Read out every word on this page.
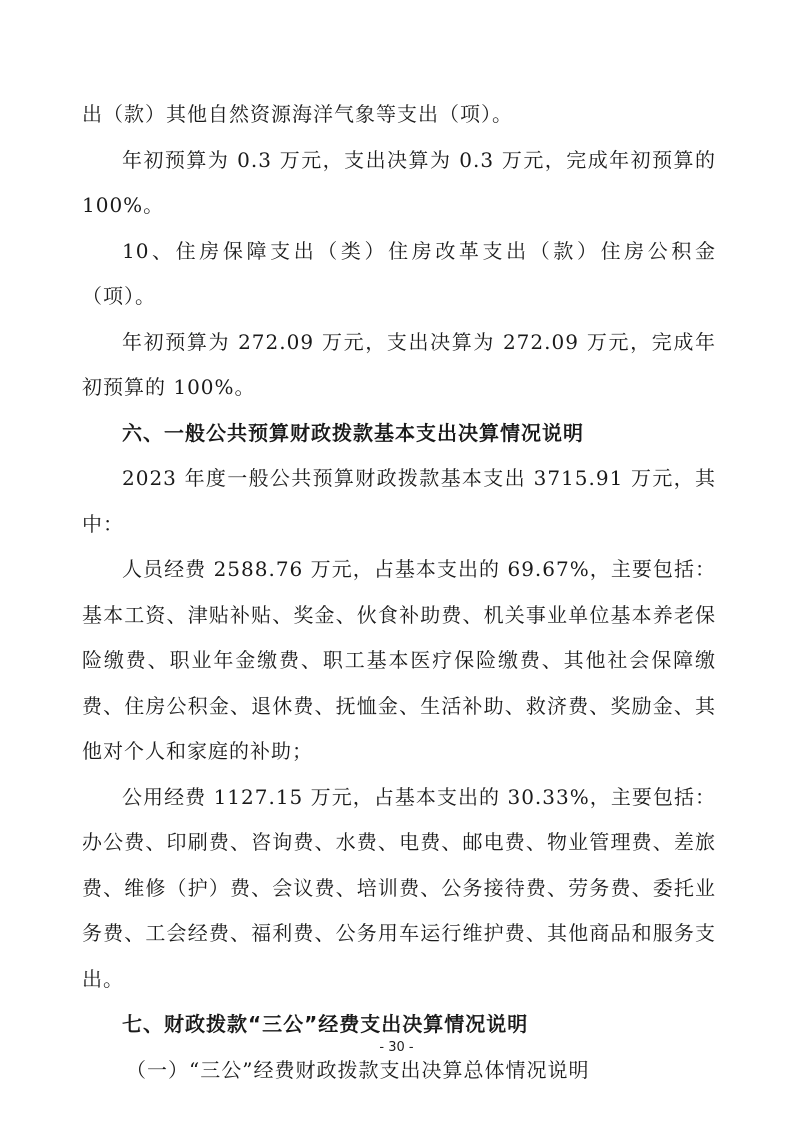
出（款）其他自然资源海洋气象等支出（项）。

年初预算为 0.3 万元，支出决算为 0.3 万元，完成年初预算的 100%。

10、住房保障支出（类）住房改革支出（款）住房公积金（项）。

年初预算为 272.09 万元，支出决算为 272.09 万元，完成年初预算的 100%。

六、一般公共预算财政拨款基本支出决算情况说明

2023 年度一般公共预算财政拨款基本支出 3715.91 万元，其中：

人员经费 2588.76 万元，占基本支出的 69.67%，主要包括：基本工资、津贴补贴、奖金、伙食补助费、机关事业单位基本养老保险缴费、职业年金缴费、职工基本医疗保险缴费、其他社会保障缴费、住房公积金、退休费、抚恤金、生活补助、救济费、奖励金、其他对个人和家庭的补助；

公用经费 1127.15 万元，占基本支出的 30.33%，主要包括：办公费、印刷费、咨询费、水费、电费、邮电费、物业管理费、差旅费、维修（护）费、会议费、培训费、公务接待费、劳务费、委托业务费、工会经费、福利费、公务用车运行维护费、其他商品和服务支出。

七、财政拨款“三公”经费支出决算情况说明

（一）“三公”经费财政拨款支出决算总体情况说明

- 30 -
